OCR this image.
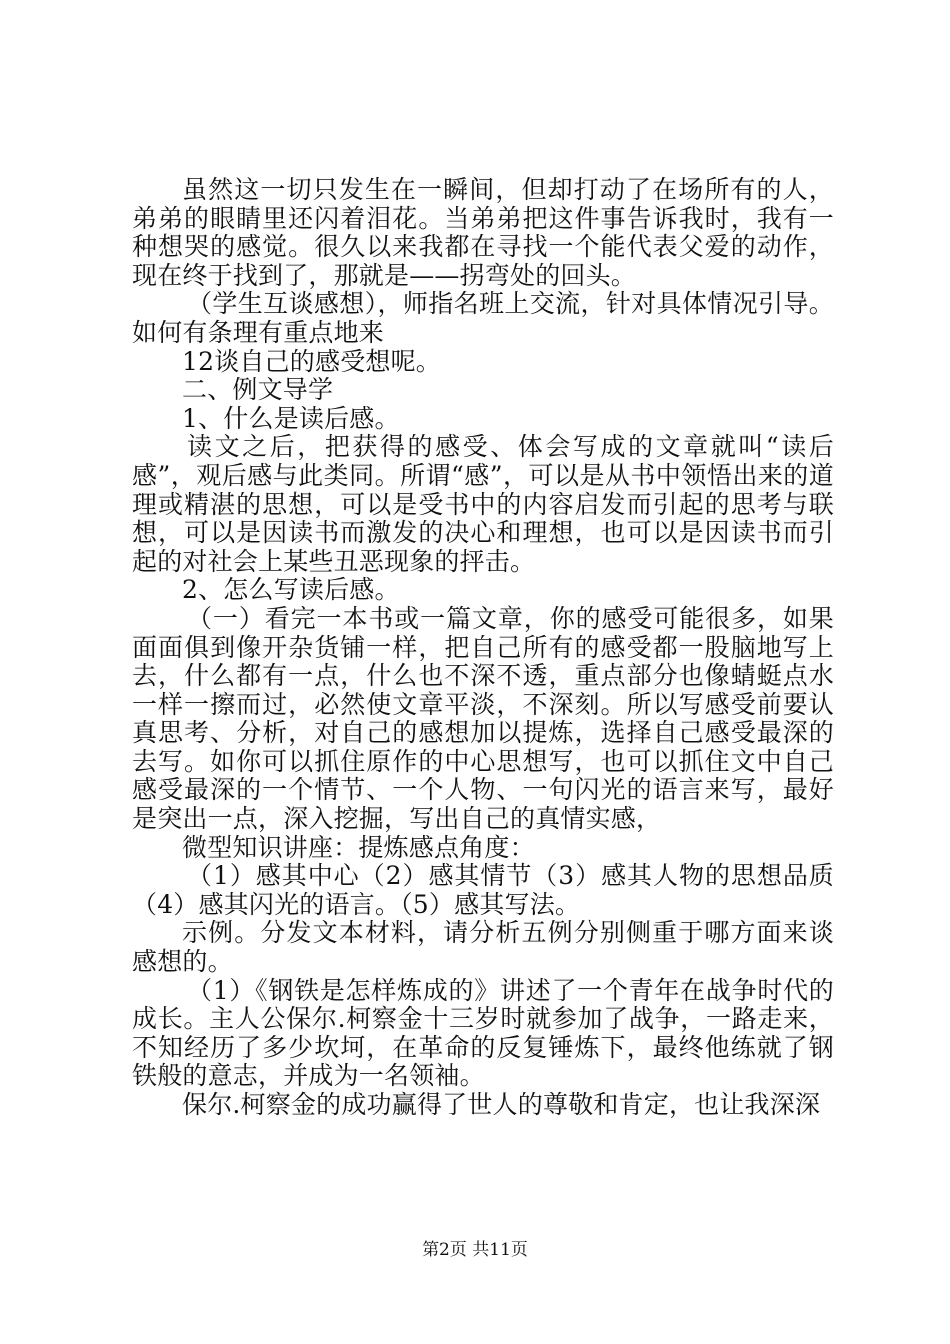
虽然这一切只发生在一瞬间，但却打动了在场所有的人，弟弟的眼睛里还闪着泪花。当弟弟把这件事告诉我时，我有一种想哭的感觉。很久以来我都在寻找一个能代表父爱的动作，现在终于找到了，那就是——拐弯处的回头。

（学生互谈感想），师指名班上交流，针对具体情况引导。如何有条理有重点地来

12谈自己的感受想呢。

二、例文导学

1、什么是读后感。

读文之后，把获得的感受、体会写成的文章就叫“读后感”，观后感与此类同。所谓“感”，可以是从书中领悟出来的道理或精湛的思想，可以是受书中的内容启发而引起的思考与联想，可以是因读书而激发的决心和理想，也可以是因读书而引起的对社会上某些丑恶现象的抨击。

2、怎么写读后感。

（一）看完一本书或一篇文章，你的感受可能很多，如果面面俱到像开杂货铺一样，把自己所有的感受都一股脑地写上去，什么都有一点，什么也不深不透，重点部分也像蜻蜓点水一样一擦而过，必然使文章平淡，不深刻。所以写感受前要认真思考、分析，对自己的感想加以提炼，选择自己感受最深的去写。如你可以抓住原作的中心思想写，也可以抓住文中自己感受最深的一个情节、一个人物、一句闪光的语言来写，最好是突出一点，深入挖掘，写出自己的真情实感，

微型知识讲座：提炼感点角度：

（1）感其中心（2）感其情节（3）感其人物的思想品质（4）感其闪光的语言。（5）感其写法。

示例。分发文本材料，请分析五例分别侧重于哪方面来谈感想的。

（1）《钢铁是怎样炼成的》讲述了一个青年在战争时代的成长。主人公保尔.柯察金十三岁时就参加了战争，一路走来，不知经历了多少坎坷，在革命的反复锤炼下，最终他练就了钢铁般的意志，并成为一名领袖。

保尔.柯察金的成功赢得了世人的尊敬和肯定，也让我深深

第2页 共11页
